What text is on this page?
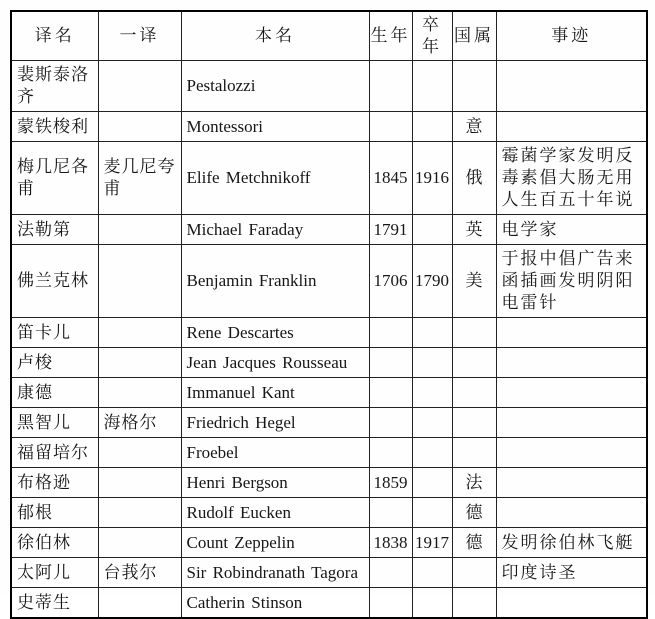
译名	一译	本名	生年	卒年	国属	事迹
裴斯泰洛齐		Pestalozzi				
蒙铁梭利		Montessori			意	
梅几尼各甫	麦几尼夸甫	Elife Metchnikoff	1845	1916	俄	霉菌学家发明反毒素倡大肠无用人生百五十年说
法勒第		Michael Faraday	1791		英	电学家
佛兰克林		Benjamin Franklin	1706	1790	美	于报中倡广告来函插画发明阴阳电雷针
笛卡儿		Rene Descartes				
卢梭		Jean Jacques Rousseau				
康德		Immanuel Kant				
黑智儿	海格尔	Friedrich Hegel				
福留培尔		Froebel				
布格逊		Henri Bergson	1859		法	
郁根		Rudolf Eucken			德	
徐伯林		Count Zeppelin	1838	1917	德	发明徐伯林飞艇
太阿儿	台莪尔	Sir Robindranath Tagora				印度诗圣
史蒂生		Catherin Stinson				
